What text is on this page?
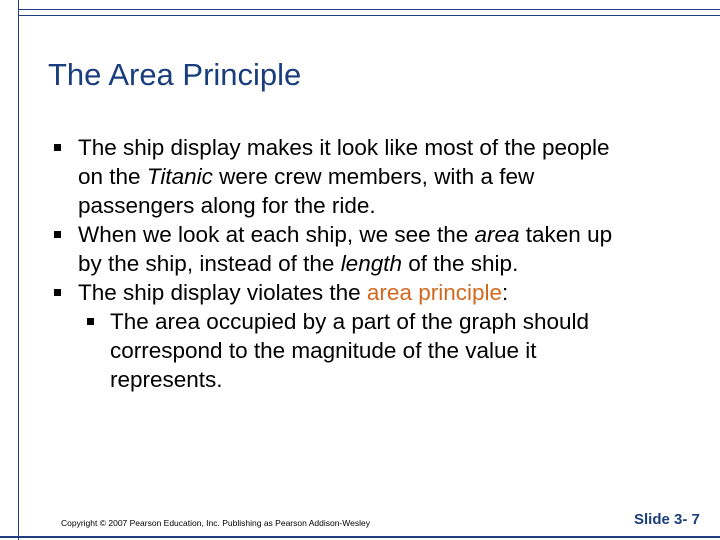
The Area Principle
The ship display makes it look like most of the people
on the Titanic were crew members, with a few
passengers along for the ride.
When we look at each ship, we see the area taken up
by the ship, instead of the length of the ship.
The ship display violates the area principle:
The area occupied by a part of the graph should
correspond to the magnitude of the value it
represents.
Copyright © 2007 Pearson Education, Inc. Publishing as Pearson Addison-Wesley	Slide 3- 7
